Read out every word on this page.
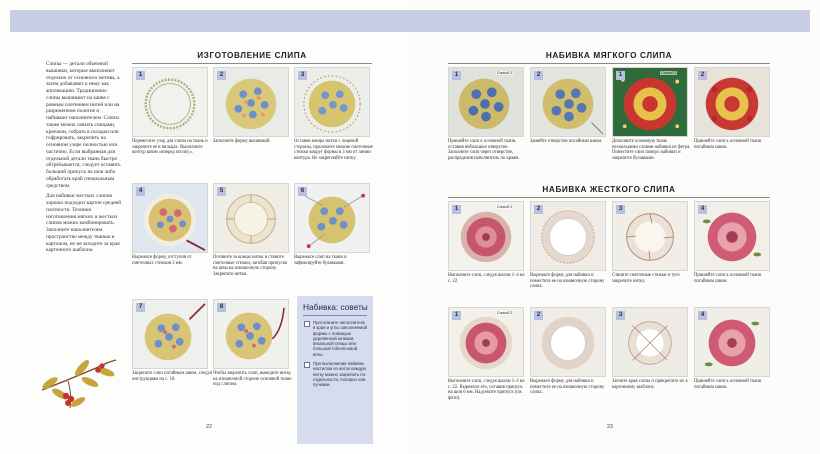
ИЗГОТОВЛЕНИЕ СЛИПА

Слипы — детали объемной вышивки, которые выполняют отдельно от основного мотива, а затем добавляют к нему как аппликацию. Традиционно слипы вышивают на канве с ровным плетением нитей или на разреженном полотне и набивают наполнителем. Слипы также можно связать спицами, крючком, собрать в складки или гофрировать, закрепить на основном узоре полностью или частично. Если выбранная для отдельной детали ткань быстро обтрёпывается, следует оставить больший припуск на шов либо обработать край специальным средством.

Для набивки жестких слипов хорошо подходит картон средней плотности. Техники изготовления мягких и жестких слипов можно комбинировать. Заполните наполнителем пространство между тканью и картоном, но не заходите за края картонного шаблона.

1	2	3
Перенесите узор для слипа на ткань и закрепите ее в пяльцах. Выполните контур швом «вперед иголку».
Заполните форму вышивкой.	Оставив концы нитки с лицевой стороны, проложите мелкие сметочные стежки вокруг формы в 3 мм от линии контура. Не закрепляйте нитку.
4	5	6
Вырежьте форму, отступив от сметочных стежков 3 мм.
Потяните за концы ниток и стяните сметочные стежки, загибая припуски на швы на изнаночную сторону. Закрепите нитки.
Вырежьте слип на ткани и зафиксируйте булавками.
7	8
Закрепите слип потайным швом, следуя инструкциям на с. 18.
Чтобы закрепить слип, выведите нитку на изнаночной стороне основной ткани под слипом.
Набивка: советы
Протолкните наполнитель в края и углы заполняемой формы с помощью деревянной шпажки, вязальной спицы или большой гобеленовой иглы.
При выполнении набивки настилом из ниток каждую нитку можно закрепить по-отдельности, попарно или пучками.
22
НАБИВКА МЯГКОГО СЛИПА
1	Способ 1	2	1	Способ 2	2
Пришейте слип к основной ткани, оставив небольшое отверстие. Заполните слип через отверстие, распределив наполнитель по краям.
Зашейте отверстие потайным швом.	Дополните основную ткань несколькими слоями набивки из фетра. Поместите слип поверх набивки и закрепите булавками.
Пришейте слип к основной ткани потайным швом.
НАБИВКА ЖЕСТКОГО СЛИПА
1	Способ 1	2	3	4
Выполните слип, следуя шагам 1–4 на с. 22.
Вырежьте форму для набивки и поместите ее на изнаночную сторону слипа.
Стяните сметочные стежки и туго закрепите нитку.
Пришейте слип к основной ткани потайным швом.
1	Способ 2	2	3	4
Выполните слип, следуя шагам 1–2 на с. 22. Вырежьте его, оставив припуск на шов 6 мм. Надсеките припуск (см. фото).
Вырежьте форму для набивки и поместите ее на изнаночную сторону слипа.
Загните края слипа и прикрепите их к картонному шаблону.
Пришейте слип к основной ткани потайным швом.
23
